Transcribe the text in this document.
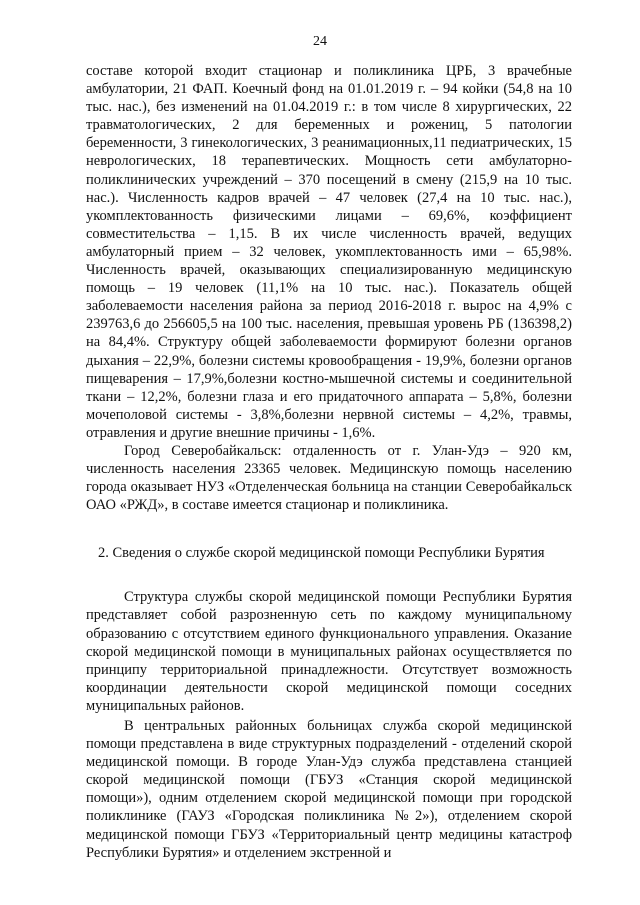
24

составе которой входит стационар и поликлиника ЦРБ, 3 врачебные амбулатории, 21 ФАП. Коечный фонд на 01.01.2019 г. – 94 койки (54,8 на 10 тыс. нас.), без изменений на 01.04.2019 г.: в том числе 8 хирургических, 22 травматологических, 2 для беременных и рожениц, 5 патологии беременности, 3 гинекологических, 3 реанимационных,11 педиатрических, 15 неврологических, 18 терапевтических. Мощность сети амбулаторно-поликлинических учреждений – 370 посещений в смену (215,9 на 10 тыс. нас.). Численность кадров врачей – 47 человек (27,4 на 10 тыс. нас.), укомплектованность физическими лицами – 69,6%, коэффициент совместительства – 1,15. В их числе численность врачей, ведущих амбулаторный прием – 32 человек, укомплектованность ими – 65,98%. Численность врачей, оказывающих специализированную медицинскую помощь – 19 человек (11,1% на 10 тыс. нас.). Показатель общей заболеваемости населения района за период 2016-2018 г. вырос на 4,9% с 239763,6 до 256605,5 на 100 тыс. населения, превышая уровень РБ (136398,2) на 84,4%. Структуру общей заболеваемости формируют болезни органов дыхания – 22,9%, болезни системы кровообращения - 19,9%, болезни органов пищеварения – 17,9%,болезни костно-мышечной системы и соединительной ткани – 12,2%, болезни глаза и его придаточного аппарата – 5,8%, болезни мочеполовой системы - 3,8%,болезни нервной системы – 4,2%, травмы, отравления и другие внешние причины - 1,6%.

Город Северобайкальск: отдаленность от г. Улан-Удэ – 920 км, численность населения 23365 человек. Медицинскую помощь населению города оказывает НУЗ «Отделенческая больница на станции Северобайкальск ОАО «РЖД», в составе имеется стационар и поликлиника.

2. Сведения о службе скорой медицинской помощи Республики Бурятия

Структура службы скорой медицинской помощи Республики Бурятия представляет собой разрозненную сеть по каждому муниципальному образованию с отсутствием единого функционального управления. Оказание скорой медицинской помощи в муниципальных районах осуществляется по принципу территориальной принадлежности. Отсутствует возможность координации деятельности скорой медицинской помощи соседних муниципальных районов.

В центральных районных больницах служба скорой медицинской помощи представлена в виде структурных подразделений - отделений скорой медицинской помощи. В городе Улан-Удэ служба представлена станцией скорой медицинской помощи (ГБУЗ «Станция скорой медицинской помощи»), одним отделением скорой медицинской помощи при городской поликлинике (ГАУЗ «Городская поликлиника №2»), отделением скорой медицинской помощи ГБУЗ «Территориальный центр медицины катастроф Республики Бурятия» и отделением экстренной и
